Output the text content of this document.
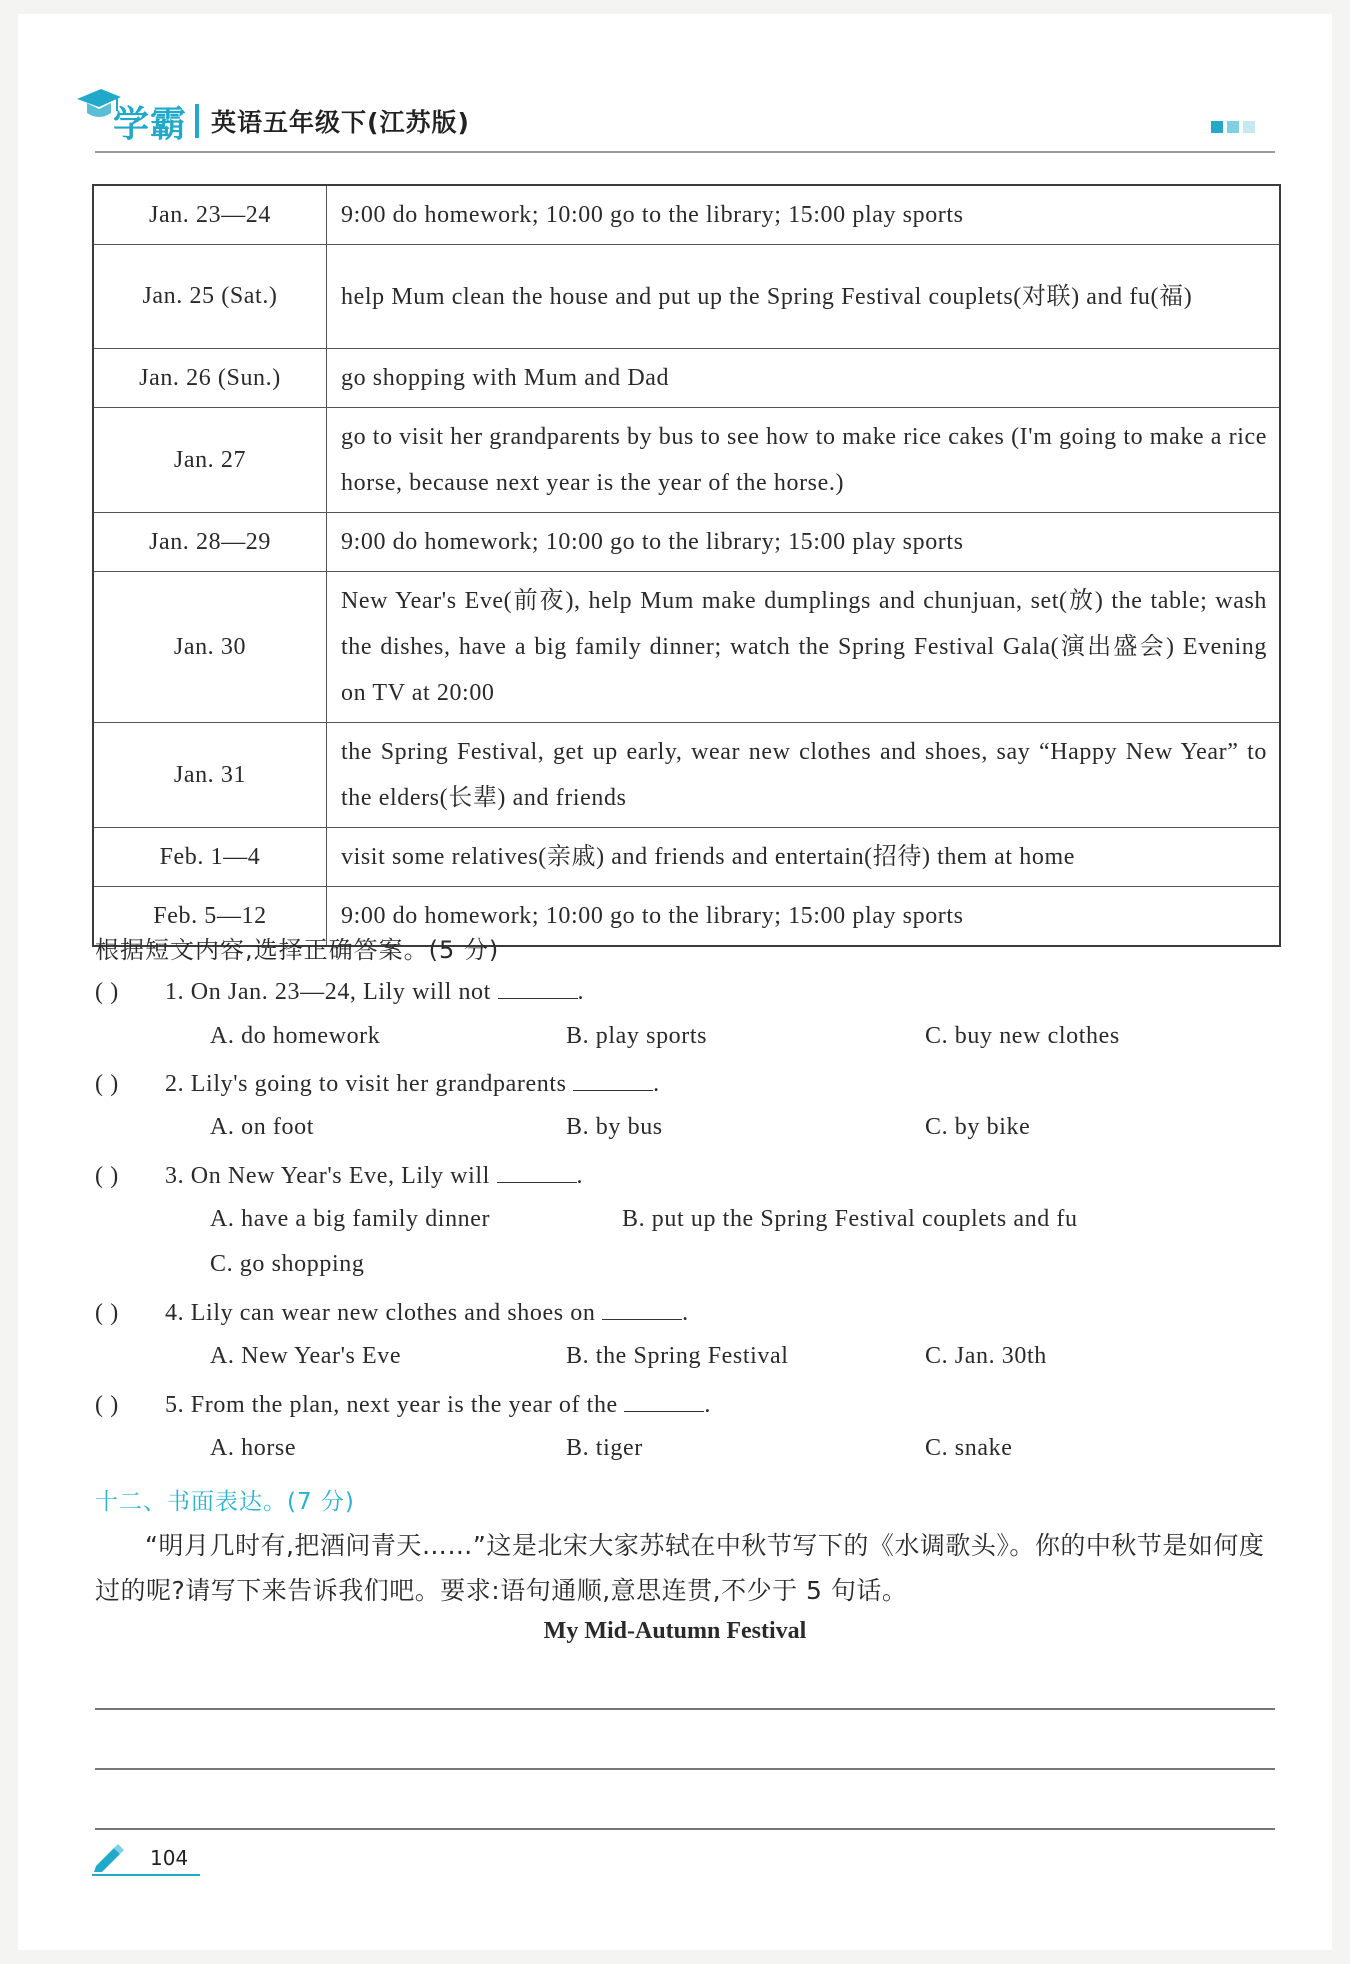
学霸 英语五年级下(江苏版)
Jan. 23—24	9:00 do homework; 10:00 go to the library; 15:00 play sports
Jan. 25 (Sat.)	help Mum clean the house and put up the Spring Festival couplets(对联) and fu(福)
Jan. 26 (Sun.)	go shopping with Mum and Dad
Jan. 27	go to visit her grandparents by bus to see how to make rice cakes (I'm going to make a rice horse, because next year is the year of the horse.)
Jan. 28—29	9:00 do homework; 10:00 go to the library; 15:00 play sports
Jan. 30	New Year's Eve(前夜), help Mum make dumplings and chunjuan, set(放) the table; wash the dishes, have a big family dinner; watch the Spring Festival Gala(演出盛会) Evening on TV at 20:00
Jan. 31	the Spring Festival, get up early, wear new clothes and shoes, say “Happy New Year” to the elders(长辈) and friends
Feb. 1—4	visit some relatives(亲戚) and friends and entertain(招待) them at home
Feb. 5—12	9:00 do homework; 10:00 go to the library; 15:00 play sports
根据短文内容,选择正确答案。(5 分)
( ) 1. On Jan. 23—24, Lily will not	.
A. do homework	B. play sports	C. buy new clothes
( ) 2. Lily's going to visit her grandparents	.
A. on foot	B. by bus	C. by bike
( ) 3. On New Year's Eve, Lily will	.
A. have a big family dinner	B. put up the Spring Festival couplets and fu
C. go shopping
( ) 4. Lily can wear new clothes and shoes on	.
A. New Year's Eve	B. the Spring Festival	C. Jan. 30th
( ) 5. From the plan, next year is the year of the	.
A. horse	B. tiger	C. snake
十二、书面表达。(7 分)
“明月几时有,把酒问青天……”这是北宋大家苏轼在中秋节写下的《水调歌头》。你的中秋节是如何度过的呢?请写下来告诉我们吧。要求:语句通顺,意思连贯,不少于 5 句话。
My Mid-Autumn Festival
104
